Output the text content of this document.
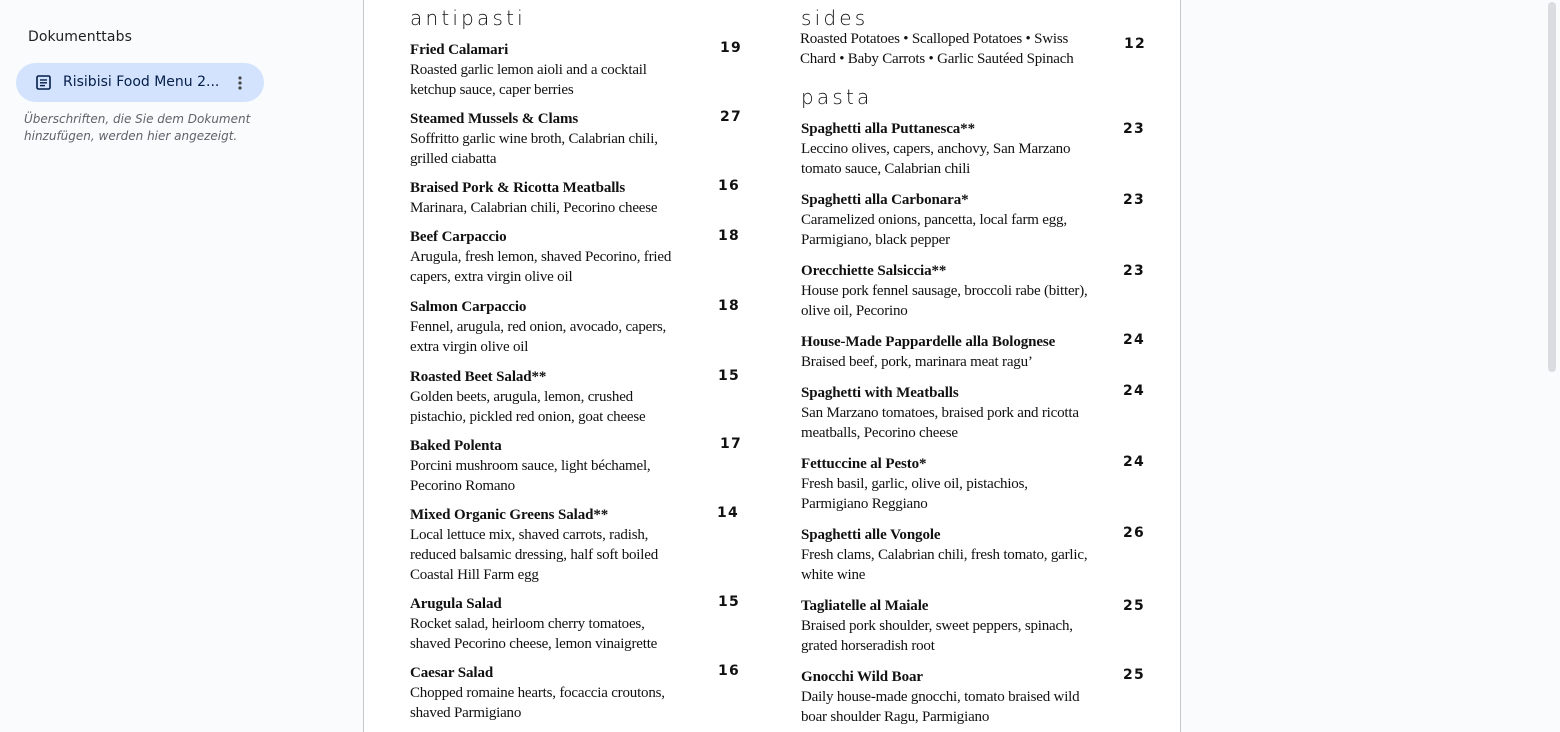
Dokumenttabs
Risibisi Food Menu 2...
Überschriften, die Sie dem Dokument hinzufügen, werden hier angezeigt.
antipasti
Fried Calamari
Roasted garlic lemon aioli and a cocktail ketchup sauce, caper berries
19
Steamed Mussels & Clams
Soffritto garlic wine broth, Calabrian chili, grilled ciabatta
27
Braised Pork & Ricotta Meatballs
Marinara, Calabrian chili, Pecorino cheese
16
Beef Carpaccio
Arugula, fresh lemon, shaved Pecorino, fried capers, extra virgin olive oil
18
Salmon Carpaccio
Fennel, arugula, red onion, avocado, capers, extra virgin olive oil
18
Roasted Beet Salad**
Golden beets, arugula, lemon, crushed pistachio, pickled red onion, goat cheese
15
Baked Polenta
Porcini mushroom sauce, light béchamel, Pecorino Romano
17
Mixed Organic Greens Salad**
Local lettuce mix, shaved carrots, radish, reduced balsamic dressing, half soft boiled Coastal Hill Farm egg
14
Arugula Salad
Rocket salad, heirloom cherry tomatoes, shaved Pecorino cheese, lemon vinaigrette
15
Caesar Salad
Chopped romaine hearts, focaccia croutons, shaved Parmigiano
16
sides
Roasted Potatoes • Scalloped Potatoes • Swiss Chard • Baby Carrots • Garlic Sautéed Spinach
12
pasta
Spaghetti alla Puttanesca**
Leccino olives, capers, anchovy, San Marzano tomato sauce, Calabrian chili
23
Spaghetti alla Carbonara*
Caramelized onions, pancetta, local farm egg, Parmigiano, black pepper
23
Orecchiette Salsiccia**
House pork fennel sausage, broccoli rabe (bitter), olive oil, Pecorino
23
House-Made Pappardelle alla Bolognese
Braised beef, pork, marinara meat ragu’
24
Spaghetti with Meatballs
San Marzano tomatoes, braised pork and ricotta meatballs, Pecorino cheese
24
Fettuccine al Pesto*
Fresh basil, garlic, olive oil, pistachios, Parmigiano Reggiano
24
Spaghetti alle Vongole
Fresh clams, Calabrian chili, fresh tomato, garlic, white wine
26
Tagliatelle al Maiale
Braised pork shoulder, sweet peppers, spinach, grated horseradish root
25
Gnocchi Wild Boar
Daily house-made gnocchi, tomato braised wild boar shoulder Ragu, Parmigiano
25
